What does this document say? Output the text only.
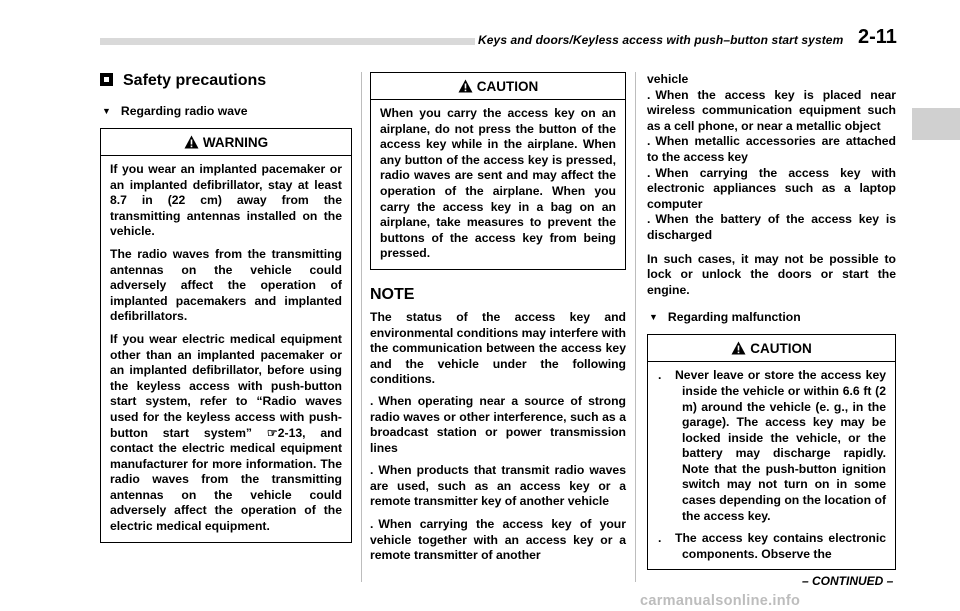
Keys and doors/Keyless access with push–button start system 2-11
Safety precautions
▼ Regarding radio wave
WARNING

If you wear an implanted pacemaker or an implanted defibrillator, stay at least 8.7 in (22 cm) away from the transmitting antennas installed on the vehicle.

The radio waves from the transmitting antennas on the vehicle could adversely affect the operation of implanted pacemakers and implanted defibrillators.

If you wear electric medical equipment other than an implanted pacemaker or an implanted defibrillator, before using the keyless access with push-button start system, refer to “Radio waves used for the keyless access with push-button start system” ☞2-13, and contact the electric medical equipment manufacturer for more information. The radio waves from the transmitting antennas on the vehicle could adversely affect the operation of the electric medical equipment.

CAUTION

When you carry the access key on an airplane, do not press the button of the access key while in the airplane. When any button of the access key is pressed, radio waves are sent and may affect the operation of the airplane. When you carry the access key in a bag on an airplane, take measures to prevent the buttons of the access key from being pressed.

NOTE

The status of the access key and environmental conditions may interfere with the communication between the access key and the vehicle under the following conditions.

. When operating near a source of strong radio waves or other interference, such as a broadcast station or power transmission lines

. When products that transmit radio waves are used, such as an access key or a remote transmitter key of another vehicle

. When carrying the access key of your vehicle together with an access key or a remote transmitter of another

vehicle

. When the access key is placed near wireless communication equipment such as a cell phone, or near a metallic object

. When metallic accessories are attached to the access key

. When carrying the access key with electronic appliances such as a laptop computer

. When the battery of the access key is discharged

In such cases, it may not be possible to lock or unlock the doors or start the engine.

▼ Regarding malfunction
CAUTION

. Never leave or store the access key inside the vehicle or within 6.6 ft (2 m) around the vehicle (e. g., in the garage). The access key may be locked inside the vehicle, or the battery may discharge rapidly. Note that the push-button ignition switch may not turn on in some cases depending on the location of the access key.

. The access key contains electronic components. Observe the

– CONTINUED –
carmanualsonline.info
